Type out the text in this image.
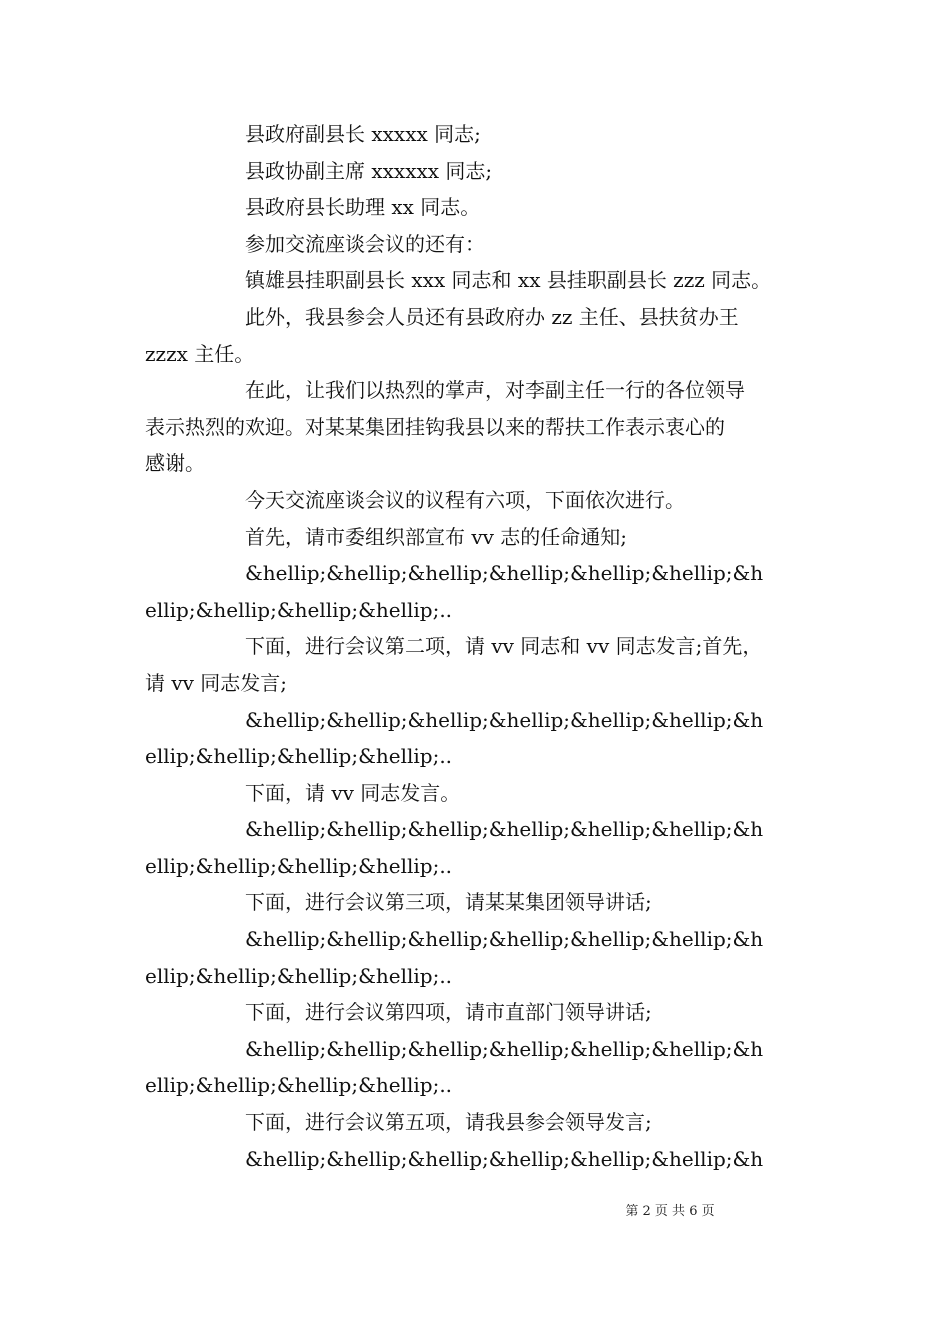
县政府副县长 xxxxx 同志;
县政协副主席 xxxxxx 同志;
县政府县长助理 xx 同志。
参加交流座谈会议的还有：
镇雄县挂职副县长 xxx 同志和 xx 县挂职副县长 zzz 同志。
此外，我县参会人员还有县政府办 zz 主任、县扶贫办王
zzzx 主任。
在此，让我们以热烈的掌声，对李副主任一行的各位领导
表示热烈的欢迎。对某某集团挂钩我县以来的帮扶工作表示衷心的
感谢。
今天交流座谈会议的议程有六项，下面依次进行。
首先，请市委组织部宣布 vv 志的任命通知;
&hellip;&hellip;&hellip;&hellip;&hellip;&hellip;&h
ellip;&hellip;&hellip;&hellip;..
下面，进行会议第二项，请 vv 同志和 vv 同志发言;首先，
请 vv 同志发言;
&hellip;&hellip;&hellip;&hellip;&hellip;&hellip;&h
ellip;&hellip;&hellip;&hellip;..
下面，请 vv 同志发言。
&hellip;&hellip;&hellip;&hellip;&hellip;&hellip;&h
ellip;&hellip;&hellip;&hellip;..
下面，进行会议第三项，请某某集团领导讲话;
&hellip;&hellip;&hellip;&hellip;&hellip;&hellip;&h
ellip;&hellip;&hellip;&hellip;..
下面，进行会议第四项，请市直部门领导讲话;
&hellip;&hellip;&hellip;&hellip;&hellip;&hellip;&h
ellip;&hellip;&hellip;&hellip;..
下面，进行会议第五项，请我县参会领导发言;
&hellip;&hellip;&hellip;&hellip;&hellip;&hellip;&h
第 2 页 共 6 页
